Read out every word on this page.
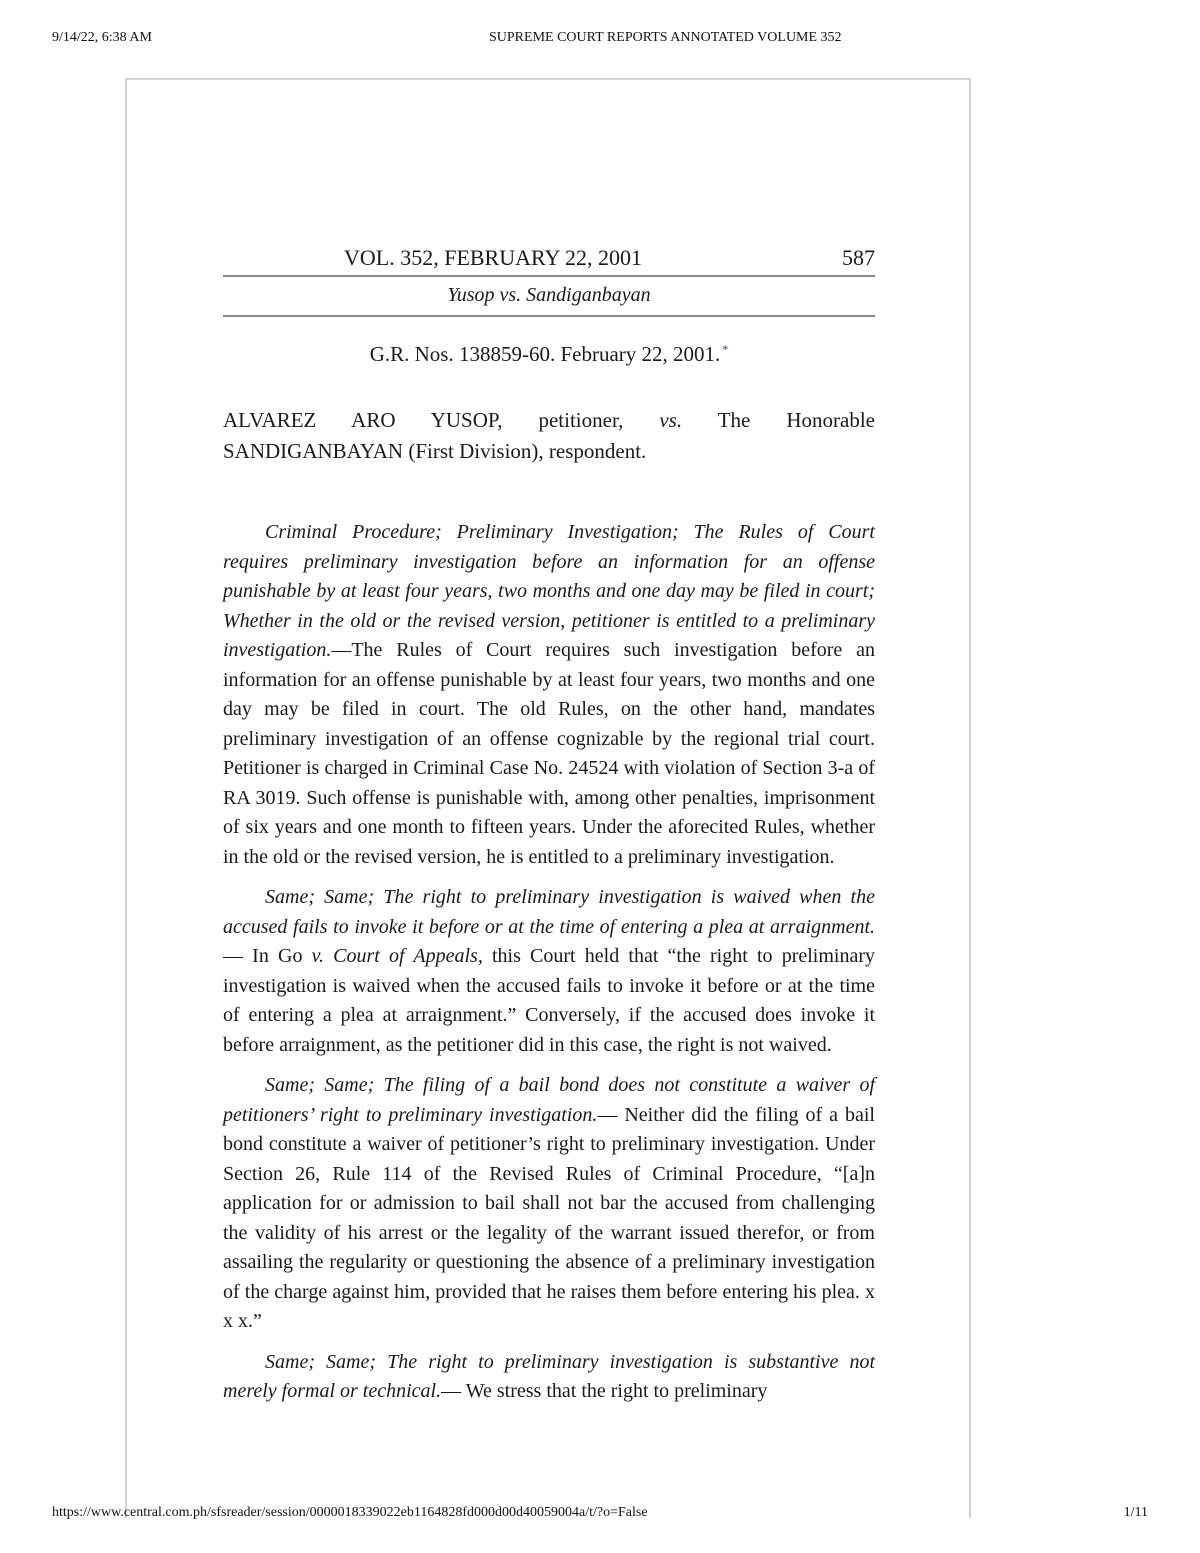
9/14/22, 6:38 AM	SUPREME COURT REPORTS ANNOTATED VOLUME 352
VOL. 352, FEBRUARY 22, 2001	587
Yusop vs. Sandiganbayan
G.R. Nos. 138859-60. February 22, 2001. *
ALVAREZ ARO YUSOP, petitioner, vs. The Honorable SANDIGANBAYAN (First Division), respondent.

Criminal Procedure; Preliminary Investigation; The Rules of Court requires preliminary investigation before an information for an offense punishable by at least four years, two months and one day may be filed in court; Whether in the old or the revised version, petitioner is entitled to a preliminary investigation.—The Rules of Court requires such investigation before an information for an offense punishable by at least four years, two months and one day may be filed in court. The old Rules, on the other hand, mandates preliminary investigation of an offense cognizable by the regional trial court. Petitioner is charged in Criminal Case No. 24524 with violation of Section 3-a of RA 3019. Such offense is punishable with, among other penalties, imprisonment of six years and one month to fifteen years. Under the aforecited Rules, whether in the old or the revised version, he is entitled to a preliminary investigation.

Same; Same; The right to preliminary investigation is waived when the accused fails to invoke it before or at the time of entering a plea at arraignment.— In Go v. Court of Appeals, this Court held that “the right to preliminary investigation is waived when the accused fails to invoke it before or at the time of entering a plea at arraignment.” Conversely, if the accused does invoke it before arraignment, as the petitioner did in this case, the right is not waived.

Same; Same; The filing of a bail bond does not constitute a waiver of petitioners’ right to preliminary investigation.— Neither did the filing of a bail bond constitute a waiver of petitioner’s right to preliminary investigation. Under Section 26, Rule 114 of the Revised Rules of Criminal Procedure, “[a]n application for or admission to bail shall not bar the accused from challenging the validity of his arrest or the legality of the warrant issued therefor, or from assailing the regularity or questioning the absence of a preliminary investigation of the charge against him, provided that he raises them before entering his plea. x x x.”

Same; Same; The right to preliminary investigation is substantive not merely formal or technical.— We stress that the right to preliminary

https://www.central.com.ph/sfsreader/session/0000018339022eb1164828fd000d00d40059004a/t/?o=False	1/11
